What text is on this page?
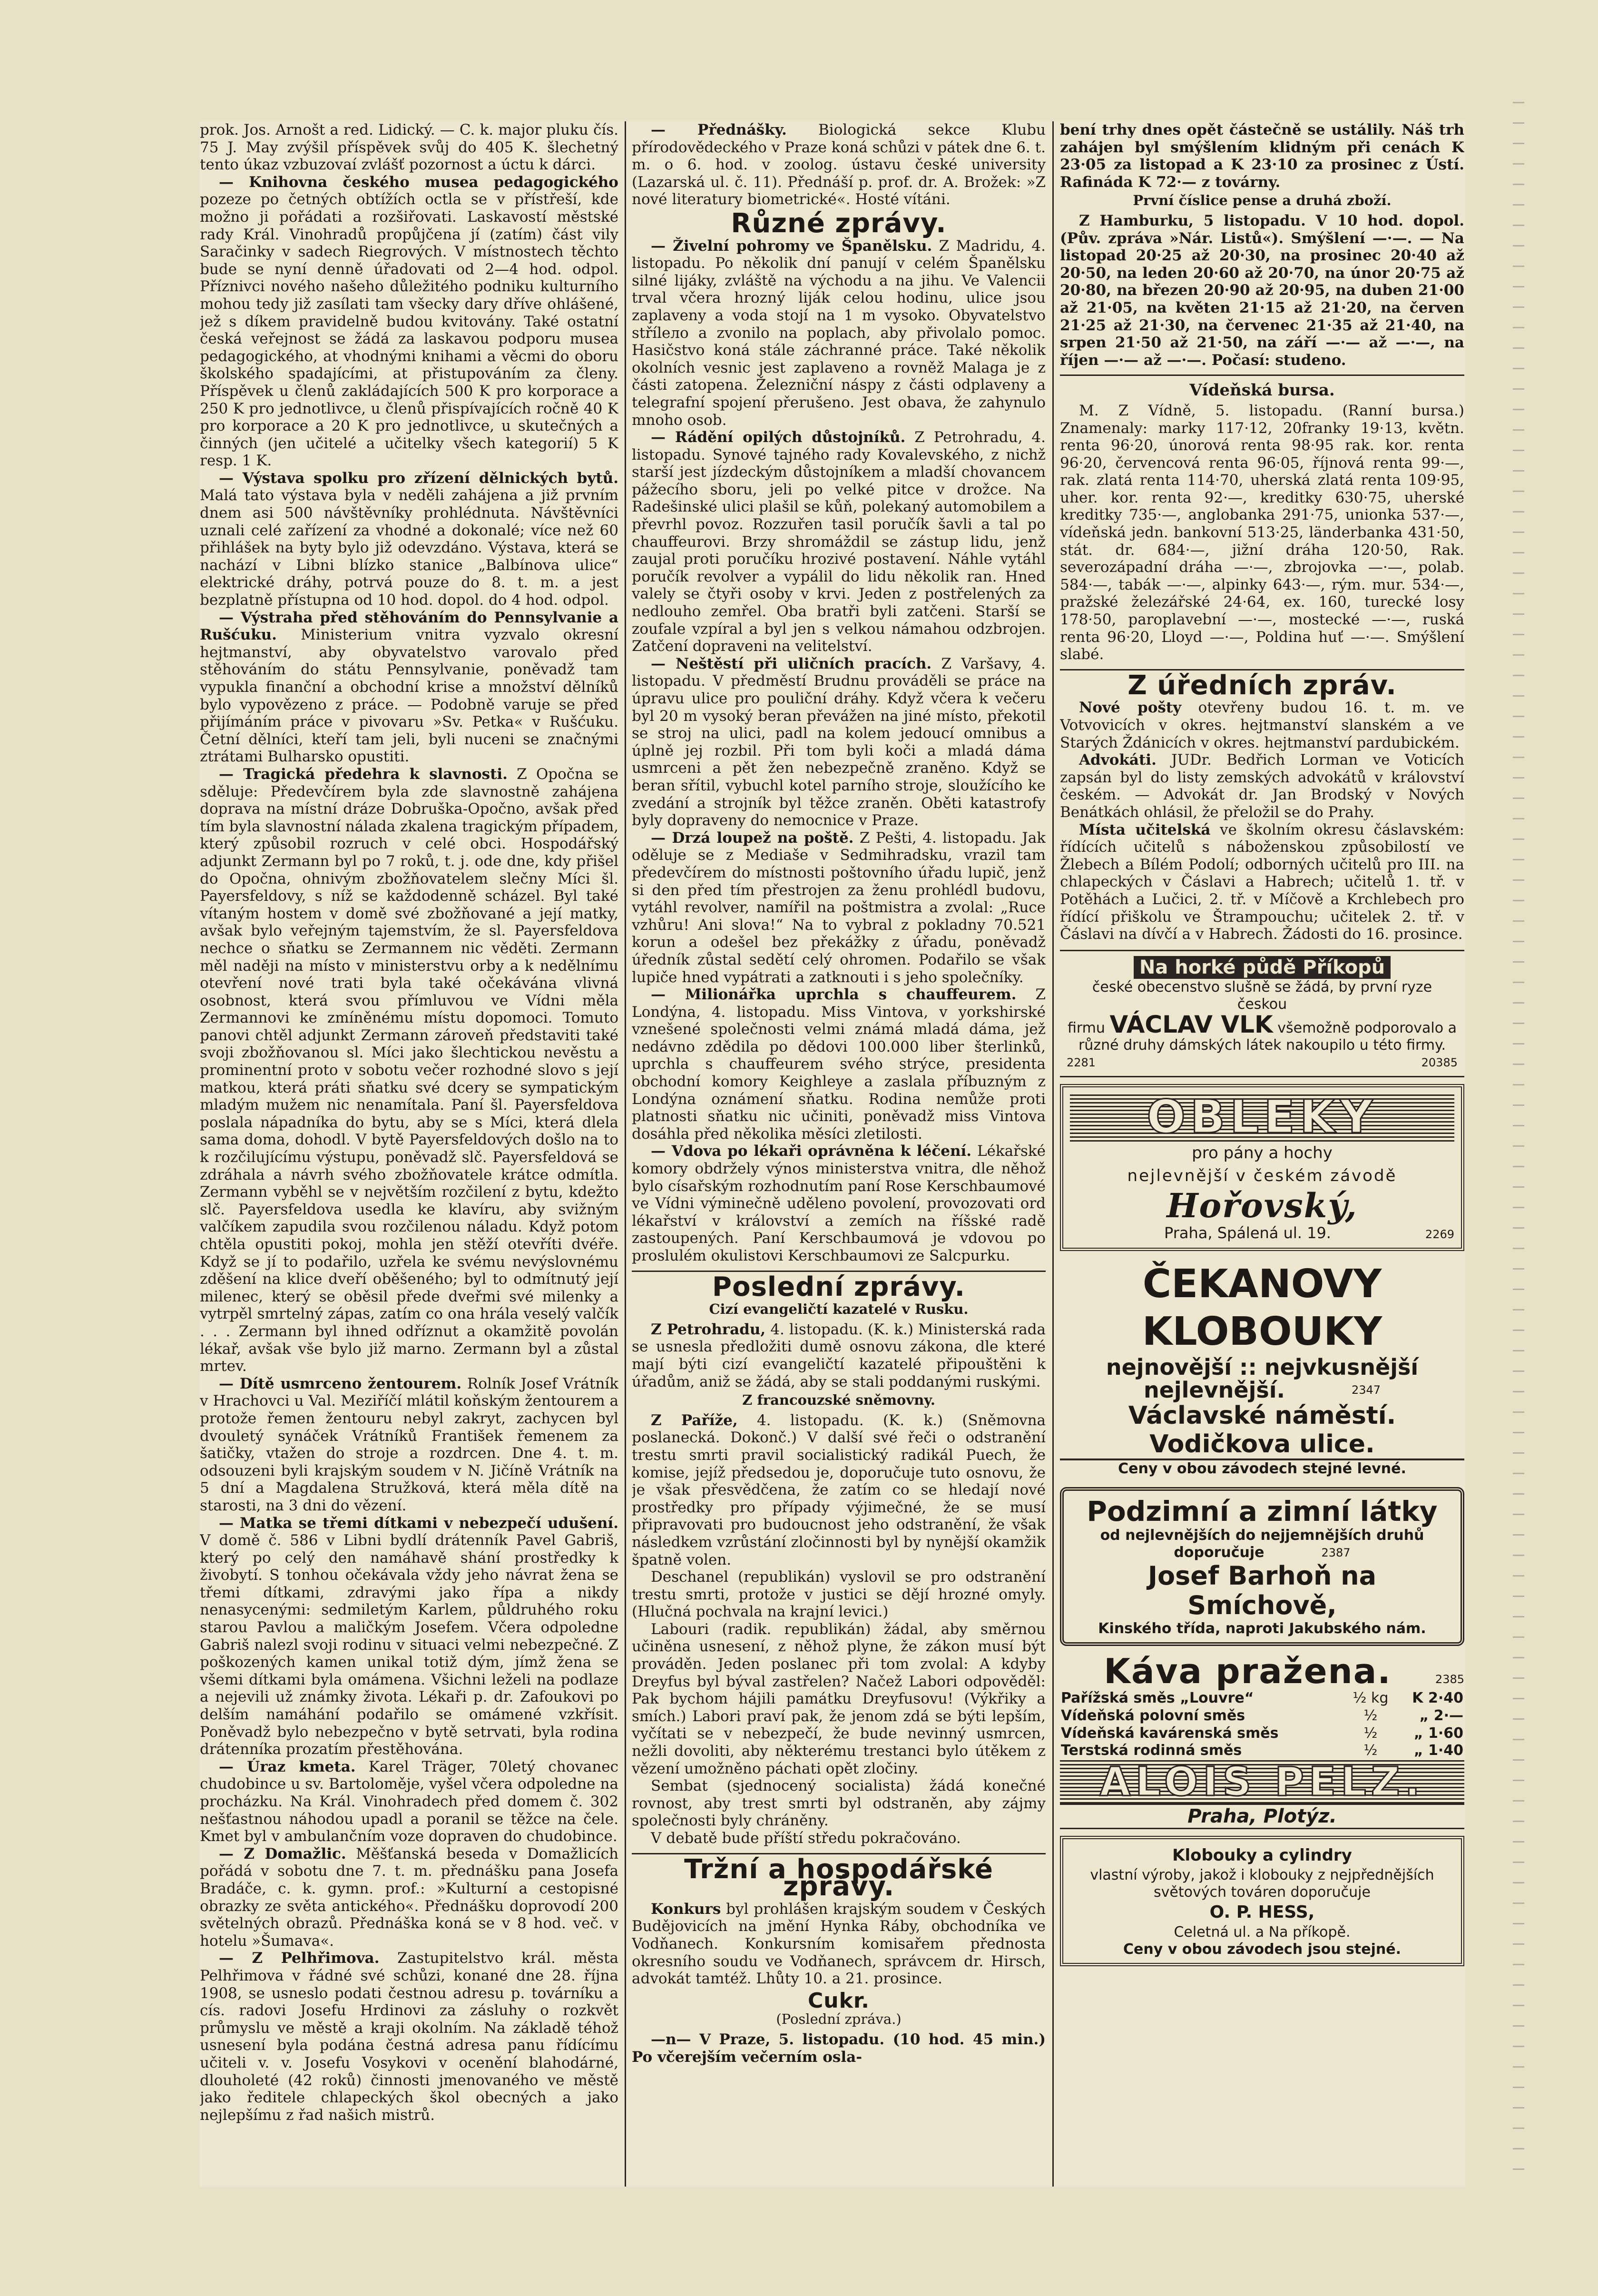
prok. Jos. Arnošt a red. Lidický. — C. k. major pluku čís. 75 J. May zvýšil příspěvek svůj do 405 K. šlechetný tento úkaz vzbuzovaí zvlášť pozornost a úctu k dárci.

— Knihovna českého musea pedagogického pozeze po četných obtížích octla se v přístřeší, kde možno ji pořádati a rozšiřovati. Laskavostí městské rady Král. Vinohradů propůjčena jí (zatím) část vily Saračinky v sadech Riegrových. V místnostech těchto bude se nyní denně úřadovati od 2—4 hod. odpol. Příznivci nového našeho důležitého podniku kulturního mohou tedy již zasílati tam všecky dary dříve ohlášené, jež s díkem pravidelně budou kvitovány. Také ostatní česká veřejnost se žádá za laskavou podporu musea pedagogického, at vhodnými knihami a věcmi do oboru školského spadajícími, at přistupováním za členy. Příspěvek u členů zakládajících 500 K pro korporace a 250 K pro jednotlivce, u členů přispívajících ročně 40 K pro korporace a 20 K pro jednotlivce, u skutečných a činných (jen učitelé a učitelky všech kategorií) 5 K resp. 1 K.

— Výstava spolku pro zřízení dělnických bytů. Malá tato výstava byla v neděli zahájena a již prvním dnem asi 500 návštěvníky prohlédnuta. Návštěvníci uznali celé zařízení za vhodné a dokonalé; více než 60 přihlášek na byty bylo již odevzdáno. Výstava, která se nachází v Libni blízko stanice „Balbínova ulice“ elektrické dráhy, potrvá pouze do 8. t. m. a jest bezplatně přístupna od 10 hod. dopol. do 4 hod. odpol.

— Výstraha před stěhováním do Pennsylvanie a Rušćuku. Ministerium vnitra vyzvalo okresní hejtmanství, aby obyvatelstvo varovalo před stěhováním do státu Pennsylvanie, poněvadž tam vypukla finanční a obchodní krise a množství dělníků bylo vypovězeno z práce. — Podobně varuje se před přijímáním práce v pivovaru »Sv. Petka« v Rušćuku. Četní dělníci, kteří tam jeli, byli nuceni se značnými ztrátami Bulharsko opustiti.

— Tragická předehra k slavnosti. Z Opočna se sděluje: Předevčírem byla zde slavnostně zahájena doprava na místní dráze Dobruška-Opočno, avšak před tím byla slavnostní nálada zkalena tragickým případem, který způsobil rozruch v celé obci. Hospodářský adjunkt Zermann byl po 7 roků, t. j. ode dne, kdy přišel do Opočna, ohnivým zbožňovatelem slečny Míci šl. Payersfeldovy, s níž se každodenně scházel. Byl také vítaným hostem v domě své zbožňované a její matky, avšak bylo veřejným tajemstvím, že sl. Payersfeldova nechce o sňatku se Zermannem nic věděti. Zermann měl naději na místo v ministerstvu orby a k nedělnímu otevření nové trati byla také očekávána vlivná osobnost, která svou přímluvou ve Vídni měla Zermannovi ke zmíněnému místu dopomoci. Tomuto panovi chtěl adjunkt Zermann zároveň představiti také svoji zbožňovanou sl. Míci jako šlechtickou nevěstu a prominentní proto v sobotu večer rozhodné slovo s její matkou, která práti sňatku své dcery se sympatickým mladým mužem nic nenamítala. Paní šl. Payersfeldova poslala nápadníka do bytu, aby se s Míci, která dlela sama doma, dohodl. V bytě Payersfeldových došlo na to k rozčilujícímu výstupu, poněvadž slč. Payersfeldová se zdráhala a návrh svého zbožňovatele krátce odmítla. Zermann vyběhl se v největším rozčilení z bytu, kdežto slč. Payersfeldova usedla ke klavíru, aby svižným valčíkem zapudila svou rozčilenou náladu. Když potom chtěla opustiti pokoj, mohla jen stěží otevříti dvéře. Když se jí to podařilo, uzřela ke svému nevýslovnému zděšení na klice dveří oběšeného; byl to odmítnutý její milenec, který se oběsil přede dveřmi své milenky a vytrpěl smrtelný zápas, zatím co ona hrála veselý valčík . . . Zermann byl ihned odříznut a okamžitě povolán lékař, avšak vše bylo již marno. Zermann byl a zůstal mrtev.

— Dítě usmrceno žentourem. Rolník Josef Vrátník v Hrachovci u Val. Meziříčí mlátil koňským žentourem a protože řemen žentouru nebyl zakryt, zachycen byl dvouletý synáček Vrátníků František řemenem za šatičky, vtažen do stroje a rozdrcen. Dne 4. t. m. odsouzeni byli krajským soudem v N. Jičíně Vrátník na 5 dní a Magdalena Stružková, která měla dítě na starosti, na 3 dni do vězení.

— Matka se třemi dítkami v nebezpečí udušení. V domě č. 586 v Libni bydlí drátenník Pavel Gabriš, který po celý den namáhavě shání prostředky k živobytí. S tonhou očekávala vždy jeho návrat žena se třemi dítkami, zdravými jako řípa a nikdy nenasycenými: sedmiletým Karlem, půldruhého roku starou Pavlou a maličkým Josefem. Včera odpoledne Gabriš nalezl svoji rodinu v situaci velmi nebezpečné. Z poškozených kamen unikal totiž dým, jímž žena se všemi dítkami byla omámena. Všichni leželi na podlaze a nejevili už známky života. Lékaři p. dr. Zafoukovi po delším namáhání podařilo se omámené vzkřísit. Poněvadž bylo nebezpečno v bytě setrvati, byla rodina drátenníka prozatím přestěhována.

— Úraz kmeta. Karel Träger, 70letý chovanec chudobince u sv. Bartoloměje, vyšel včera odpoledne na procházku. Na Král. Vinohradech před domem č. 302 nešťastnou náhodou upadl a poranil se těžce na čele. Kmet byl v ambulančním voze dopraven do chudobince.

— Z Domažlic. Měšťanská beseda v Domažlicích pořádá v sobotu dne 7. t. m. přednášku pana Josefa Bradáče, c. k. gymn. prof.: »Kulturní a cestopisné obrazky ze světa antického«. Přednášku doprovodí 200 světelných obrazů. Přednáška koná se v 8 hod. več. v hotelu »Šumava«.

— Z Pelhřimova. Zastupitelstvo král. města Pelhřimova v řádné své schůzi, konané dne 28. října 1908, se usneslo podati čestnou adresu p. továrníku a cís. radovi Josefu Hrdinovi za zásluhy o rozkvět průmyslu ve městě a kraji okolním. Na základě téhož usnesení byla podána čestná adresa panu řídícímu učiteli v. v. Josefu Vosykovi v ocenění blahodárné, dlouholeté (42 roků) činnosti jmenovaného ve městě jako ředitele chlapeckých škol obecných a jako nejlepšímu z řad našich mistrů.

— Přednášky. Biologická sekce Klubu přírodovědeckého v Praze koná schůzi v pátek dne 6. t. m. o 6. hod. v zoolog. ústavu české university (Lazarská ul. č. 11). Přednáší p. prof. dr. A. Brožek: »Z nové literatury biometrické«. Hosté vítáni.

Různé zprávy.

— Živelní pohromy ve Španělsku. Z Madridu, 4. listopadu. Po několik dní panují v celém Španělsku silné lijáky, zvláště na východu a na jihu. Ve Valencii trval včera hrozný liják celou hodinu, ulice jsou zaplaveny a voda stojí na 1 m vysoko. Obyvatelstvo stříleло a zvonilo na poplach, aby přivolalo pomoc. Hasičstvo koná stále záchranné práce. Také několik okolních vesnic jest zaplaveno a rovněž Malaga je z části zatopena. Železniční náspy z části odplaveny a telegrafní spojení přerušeno. Jest obava, že zahynulo mnoho osob.

— Rádění opilých důstojníků. Z Petrohradu, 4. listopadu. Synové tajného rady Kovalevského, z nichž starší jest jízdeckým důstojníkem a mladší chovancem pážecího sboru, jeli po velké pitce v drožce. Na Radešinské ulici plašil se kůň, polekaný automobilem a převrhl povoz. Rozzuřen tasil poručík šavli a tal po chauffeurovi. Brzy shromáždil se zástup lidu, jenž zaujal proti poručíku hrozivé postavení. Náhle vytáhl poručík revolver a vypálil do lidu několik ran. Hned valely se čtyři osoby v krvi. Jeden z postřelených za nedlouho zemřel. Oba bratři byli zatčeni. Starší se zoufale vzpíral a byl jen s velkou námahou odzbrojen. Zatčení dopraveni na velitelství.

— Neštěstí při uličních pracích. Z Varšavy, 4. listopadu. V předměstí Brudnu prováděli se práce na úpravu ulice pro pouliční dráhy. Když včera k večeru byl 20 m vysoký beran převážen na jiné místo, překotil se stroj na ulici, padl na kolem jedoucí omnibus a úplně jej rozbil. Při tom byli koči a mladá dáma usmrceni a pět žen nebezpečně zraněno. Když se beran sřítil, vybuchl kotel parního stroje, sloužícího ke zvedání a strojník byl těžce zraněn. Oběti katastrofy byly dopraveny do nemocnice v Praze.

— Drzá loupež na poště. Z Pešti, 4. listopadu. Jak oděluje se z Mediaše v Sedmihradsku, vrazil tam předevčírem do místnosti poštovního úřadu lupič, jenž si den před tím přestrojen za ženu prohlédl budovu, vytáhl revolver, namířil na poštmistra a zvolal: „Ruce vzhůru! Ani slova!“ Na to vybral z pokladny 70.521 korun a odešel bez překážky z úřadu, poněvadž úředník zůstal sedětí celý ohromen. Podařilo se však lupiče hned vypátrati a zatknouti i s jeho společníky.

— Milionářka uprchla s chauffeurem. Z Londýna, 4. listopadu. Miss Vintova, v yorkshirské vznešené společnosti velmi známá mladá dáma, jež nedávno zdědila po dědovi 100.000 liber šterlinků, uprchla s chauffeurem svého strýce, presidenta obchodní komory Keighleye a zaslala příbuzným z Londýna oznámení sňatku. Rodina nemůže proti platnosti sňatku nic učiniti, poněvadž miss Vintova dosáhla před několika měsíci zletilosti.

— Vdova po lékaři oprávněna k léčení. Lékařské komory obdržely výnos ministerstva vnitra, dle něhož bylo císařským rozhodnutím paní Rose Kerschbaumové ve Vídni výminečně uděleno povolení, provozovati ord lékařství v království a zemích na říšské radě zastoupených. Paní Kerschbaumová je vdovou po proslulém okulistovi Kerschbaumovi ze Salcpurku.

Poslední zprávy.
Cizí evangeličtí kazatelé v Rusku.

Z Petrohradu, 4. listopadu. (K. k.) Ministerská rada se usnesla předložiti dumě osnovu zákona, dle které mají býti cizí evangeličtí kazatelé připouštěni k úřadům, aniž se žádá, aby se stali poddanými ruskými.

Z francouzské sněmovny.

Z Paříže, 4. listopadu. (K. k.) (Sněmovna poslanecká. Dokonč.) V další své řeči o odstranění trestu smrti pravil socialistický radikál Puech, že komise, jejíž předsedou je, doporučuje tuto osnovu, že je však přesvědčena, že zatím co se hledají nové prostředky pro případy výjimečné, že se musí připravovati pro budoucnost jeho odstranění, že však následkem vzrůstání zločinnosti byl by nynější okamžik špatně volen.

Deschanel (republikán) vyslovil se pro odstranění trestu smrti, protože v justici se dějí hrozné omyly. (Hlučná pochvala na krajní levici.)

Labouri (radik. republikán) žádal, aby směrnou učiněna usnesení, z něhož plyne, že zákon musí být prováděn. Jeden poslanec při tom zvolal: A kdyby Dreyfus byl býval zastřelen? Načež Labori odpověděl: Pak bychom hájili památku Dreyfusovu! (Výkřiky a smích.) Labori praví pak, že jenom zdá se býti lepším, vyčítati se v nebezpečí, že bude nevinný usmrcen, nežli dovoliti, aby některému trestanci bylo útěkem z vězení umožněno páchati opět zločiny.

Sembat (sjednocený socialista) žádá konečné rovnost, aby trest smrti byl odstraněn, aby zájmy společnosti byly chráněny.

V debatě bude příští středu pokračováno.

Tržní a hospodářské zprávy.

Konkurs byl prohlášen krajským soudem v Českých Budějovicích na jmění Hynka Ráby, obchodníka ve Vodňanech. Konkursním komisařem přednosta okresního soudu ve Vodňanech, správcem dr. Hirsch, advokát tamtéž. Lhůty 10. a 21. prosince.

Cukr.
(Poslední zpráva.)

—n— V Praze, 5. listopadu. (10 hod. 45 min.) Po včerejším večerním osla-

bení trhy dnes opět částečně se ustálily. Náš trh zahájen byl smýšlením klidným při cenách K 23·05 za listopad a K 23·10 za prosinec z Ústí. Rafináda K 72·— z továrny.

První číslice pense a druhá zboží.

Z Hamburku, 5 listopadu. V 10 hod. dopol. (Pův. zpráva »Nár. Listů«). Smýšlení —·—. — Na listopad 20·25 až 20·30, na prosinec 20·40 až 20·50, na leden 20·60 až 20·70, na únor 20·75 až 20·80, na březen 20·90 až 20·95, na duben 21·00 až 21·05, na květen 21·15 až 21·20, na červen 21·25 až 21·30, na červenec 21·35 až 21·40, na srpen 21·50 až 21·50, na září —·— až —·—, na říjen —·— až —·—. Počasí: studeno.

Vídeňská bursa.

M. Z Vídně, 5. listopadu. (Ranní bursa.) Znamenaly: marky 117·12, 20franky 19·13, květn. renta 96·20, únorová renta 98·95 rak. kor. renta 96·20, červencová renta 96·05, říjnová renta 99·—, rak. zlatá renta 114·70, uherská zlatá renta 109·95, uher. kor. renta 92·—, kreditky 630·75, uherské kreditky 735·—, anglobanka 291·75, unionka 537·—, vídeňská jedn. bankovní 513·25, länderbanka 431·50, stát. dr. 684·—, jižní dráha 120·50, Rak. severozápadní dráha —·—, zbrojovka —·—, polab. 584·—, tabák —·—, alpinky 643·—, rým. mur. 534·—, pražské železářské 24·64, ex. 160, turecké losy 178·50, paroplavební —·—, mostecké —·—, ruská renta 96·20, Lloyd —·—, Poldina huť —·—. Smýšlení slabé.

Z úředních zpráv.

Nové pošty otevřeny budou 16. t. m. ve Votvovicích v okres. hejtmanství slanském a ve Starých Ždánicích v okres. hejtmanství pardubickém.

Advokáti. JUDr. Bedřich Lorman ve Voticích zapsán byl do listy zemských advokátů v království českém. — Advokát dr. Jan Brodský v Nových Benátkách ohlásil, že přeložil se do Prahy.

Místa učitelská ve školním okresu čáslavském: řídících učitelů s náboženskou způsobilostí ve Žlebech a Bílém Podolí; odborných učitelů pro III. na chlapeckých v Čáslavi a Habrech; učitelů 1. tř. v Potěhách a Lučici, 2. tř. v Míčově a Krchlebech pro řídící přiškolu ve Štrampouchu; učitelek 2. tř. v Čáslavi na dívčí a v Habrech. Žádosti do 16. prosince.

Na horké půdě Příkopů
české obecenstvo slušně se žádá, by první ryze českou
firmu VÁCLAV VLK všemožně podporovalo a
různé druhy dámských látek nakoupilo u této firmy.
2281	20385
OBLEKY
pro pány a hochy
nejlevnější v českém závodě
Hořovský,
Praha, Spálená ul. 19.	2269
ČEKANOVY KLOBOUKY
nejnovější :: nejvkusnější
nejlevnější.	2347
Václavské náměstí. Vodičkova ulice.
Ceny v obou závodech stejné levné.
Podzimní a zimní látky
od nejlevnějších do nejjemnějších druhů
doporučuje	2387
Josef Barhoň na Smíchově,
Kinského třída, naproti Jakubského nám.
Káva pražena.	2385
Pařížská směs „Louvre“	½ kg	K 2·40
Vídeňská polovní směs	½	„ 2·—
Vídeňská kavárenská směs	½	„ 1·60
Terstská rodinná směs	½	„ 1·40
ALOIS PELZ.
Praha, Plotýz.
Klobouky a cylindry
vlastní výroby, jakož i klobouky z nejpřednějších světových továren doporučuje
O. P. HESS,
Celetná ul. a Na příkopě.
Ceny v obou závodech jsou stejné.
